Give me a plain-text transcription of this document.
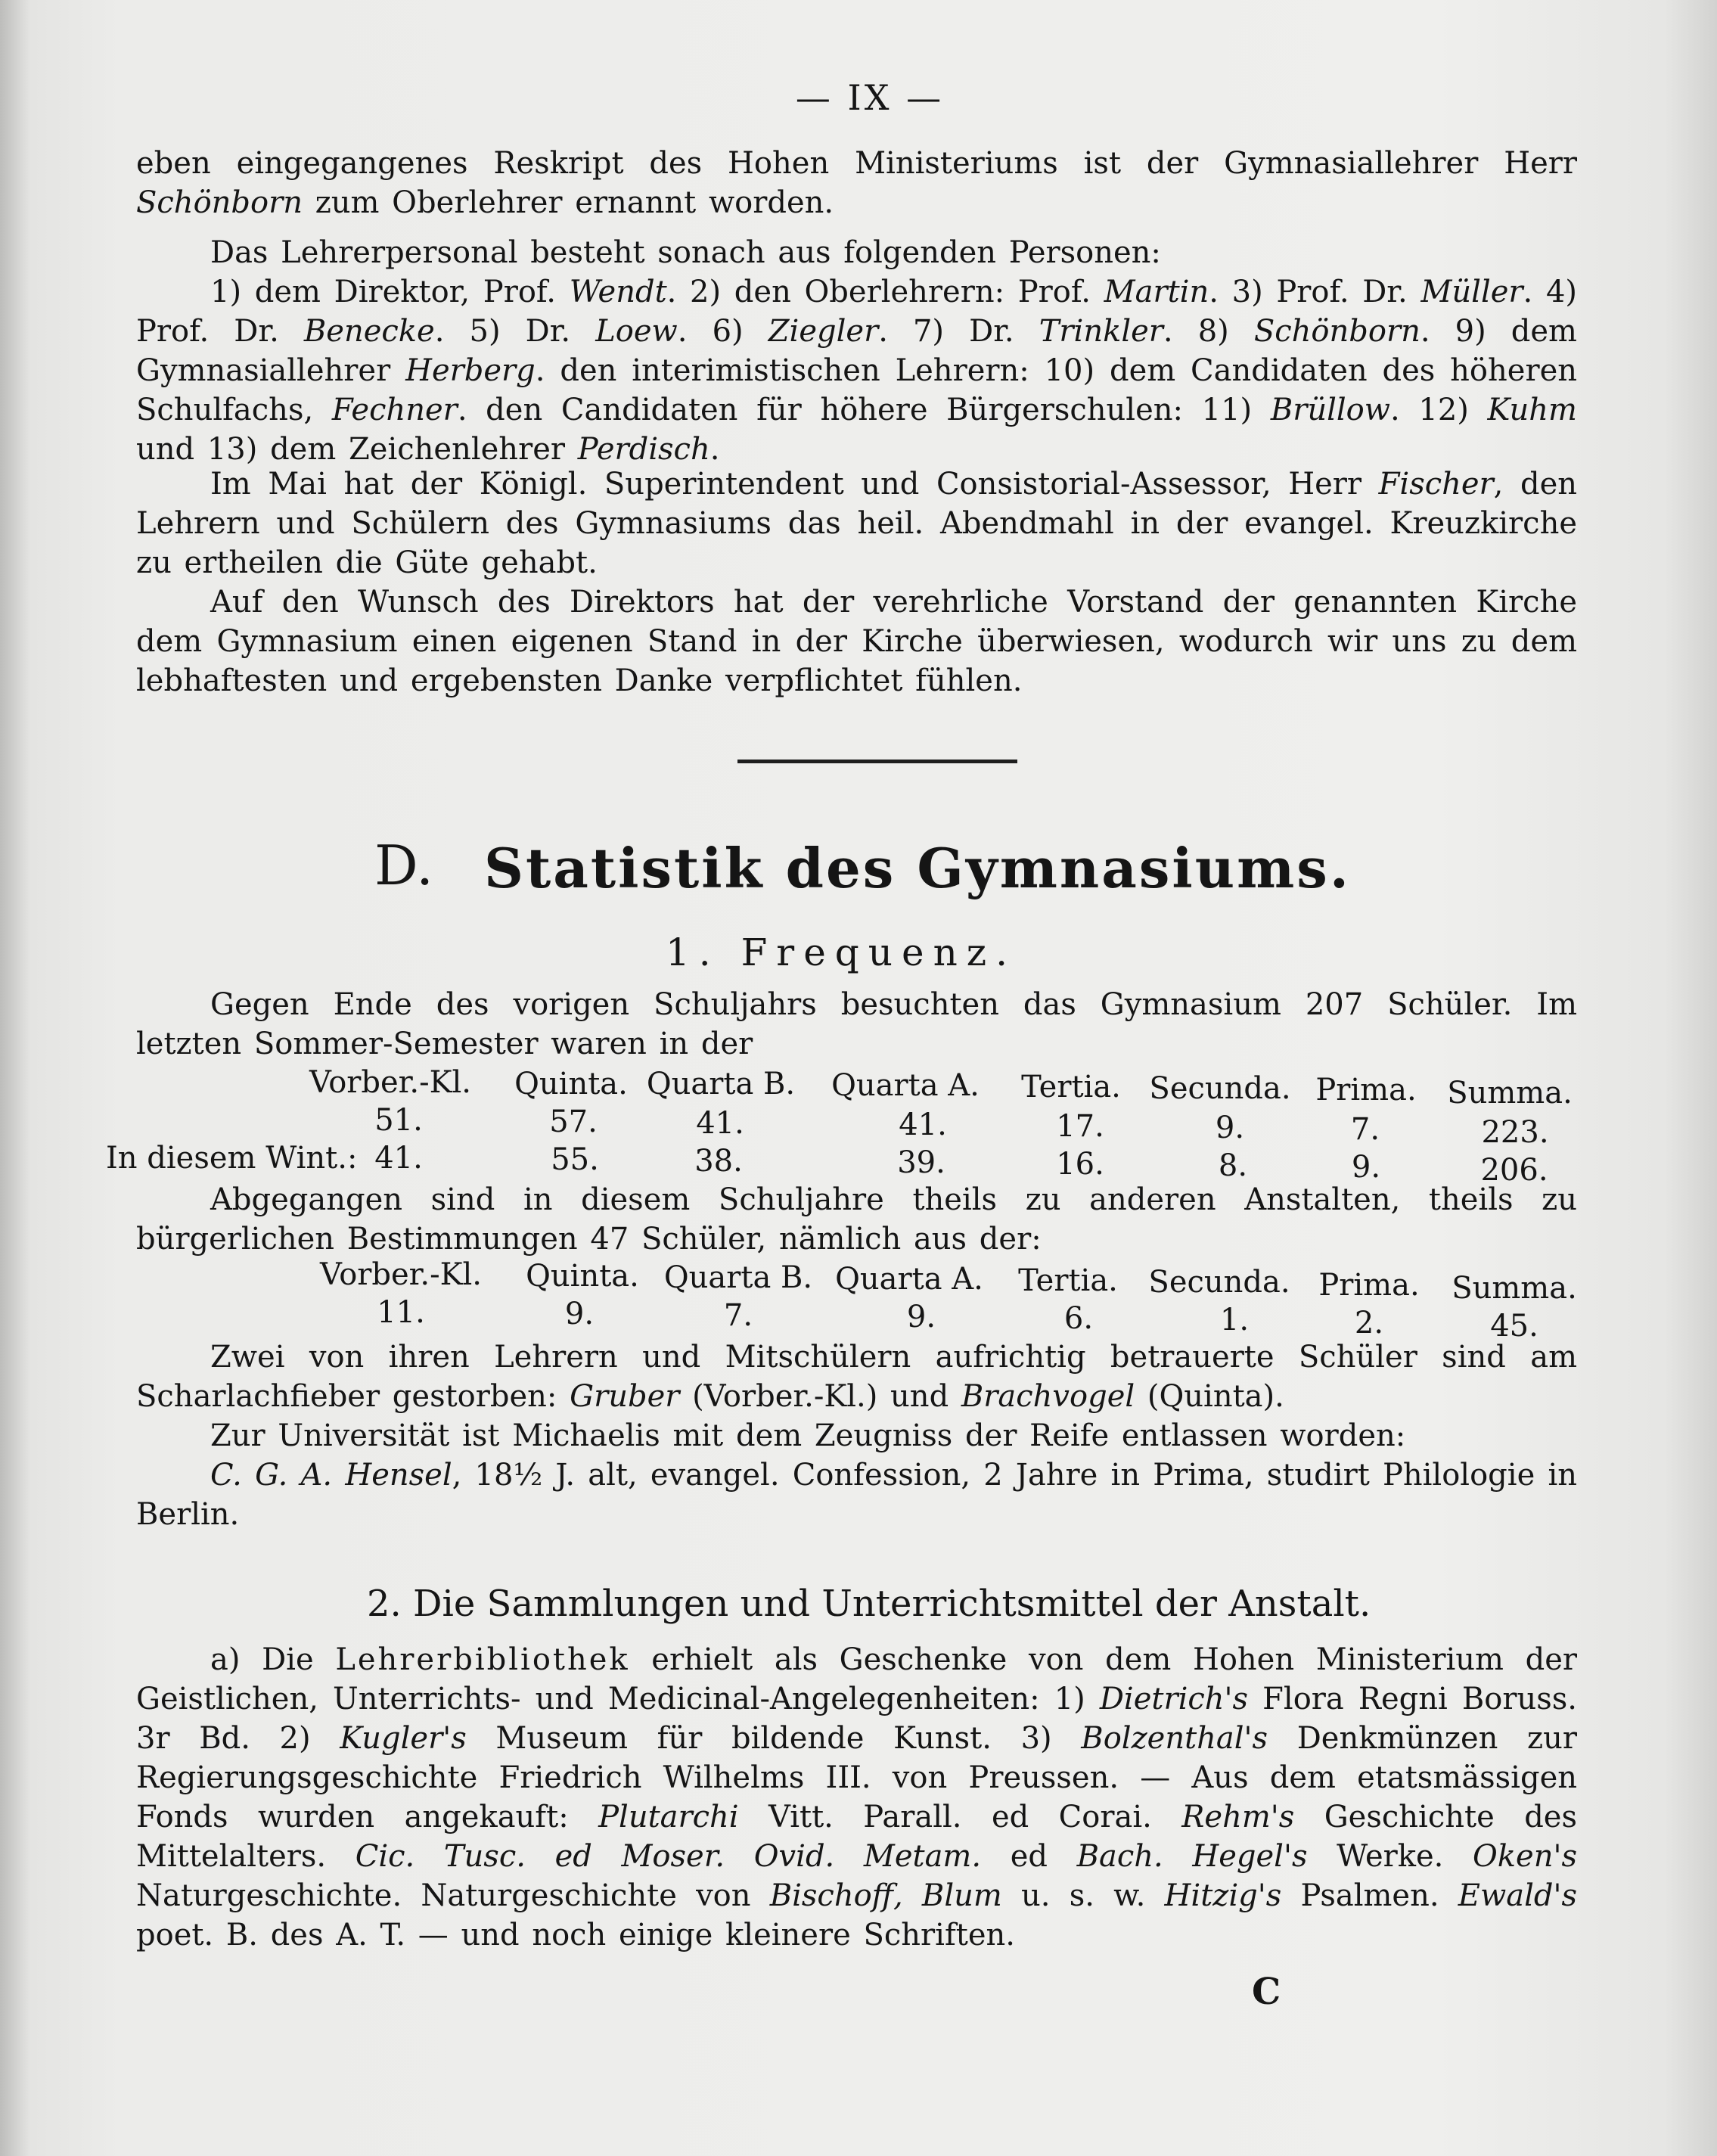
— IX —

eben eingegangenes Reskript des Hohen Ministeriums ist der Gymnasiallehrer Herr Schönborn zum Oberlehrer ernannt worden.

Das Lehrerpersonal besteht sonach aus folgenden Personen:

1) dem Direktor, Prof. Wendt. 2) den Oberlehrern: Prof. Martin. 3) Prof. Dr. Müller. 4) Prof. Dr. Benecke. 5) Dr. Loew. 6) Ziegler. 7) Dr. Trinkler. 8) Schönborn. 9) dem Gymnasiallehrer Herberg. den interimistischen Lehrern: 10) dem Candidaten des höheren Schulfachs, Fechner. den Candidaten für höhere Bürgerschulen: 11) Brüllow. 12) Kuhm und 13) dem Zeichenlehrer Perdisch.

Im Mai hat der Königl. Superintendent und Consistorial-Assessor, Herr Fischer, den Lehrern und Schülern des Gymnasiums das heil. Abendmahl in der evangel. Kreuzkirche zu ertheilen die Güte gehabt.

Auf den Wunsch des Direktors hat der verehrliche Vorstand der genannten Kirche dem Gymnasium einen eigenen Stand in der Kirche überwiesen, wodurch wir uns zu dem lebhaftesten und ergebensten Danke verpflichtet fühlen.

D. Statistik des Gymnasiums.
1. Frequenz.

Gegen Ende des vorigen Schuljahrs besuchten das Gymnasium 207 Schüler. Im letzten Sommer-Semester waren in der

Vorber.-Kl. Quinta. Quarta B. Quarta A. Tertia. Secunda. Prima. Summa.
51.	57.	41.	41.	17.	9.	7.	223.
In diesem Wint.: 41.	55.	38.	39.	16.	8.	9.	206.

Abgegangen sind in diesem Schuljahre theils zu anderen Anstalten, theils zu bürgerlichen Bestimmungen 47 Schüler, nämlich aus der:

Vorber.-Kl. Quinta. Quarta B. Quarta A. Tertia. Secunda. Prima. Summa.
11.	9.	7.	9.	6.	1.	2.	45.

Zwei von ihren Lehrern und Mitschülern aufrichtig betrauerte Schüler sind am Scharlachfieber gestorben: Gruber (Vorber.-Kl.) und Brachvogel (Quinta).

Zur Universität ist Michaelis mit dem Zeugniss der Reife entlassen worden:

C. G. A. Hensel, 18½ J. alt, evangel. Confession, 2 Jahre in Prima, studirt Philologie in Berlin.

2. Die Sammlungen und Unterrichtsmittel der Anstalt.

a) Die Lehrerbibliothek erhielt als Geschenke von dem Hohen Ministerium der Geistlichen, Unterrichts- und Medicinal-Angelegenheiten: 1) Dietrich's Flora Regni Boruss. 3r Bd. 2) Kugler's Museum für bildende Kunst. 3) Bolzenthal's Denkmünzen zur Regierungsgeschichte Friedrich Wilhelms III. von Preussen. — Aus dem etatsmässigen Fonds wurden angekauft: Plutarchi Vitt. Parall. ed Corai. Rehm's Geschichte des Mittelalters. Cic. Tusc. ed Moser. Ovid. Metam. ed Bach. Hegel's Werke. Oken's Naturgeschichte. Naturgeschichte von Bischoff, Blum u. s. w. Hitzig's Psalmen. Ewald's poet. B. des A. T. — und noch einige kleinere Schriften.

C
